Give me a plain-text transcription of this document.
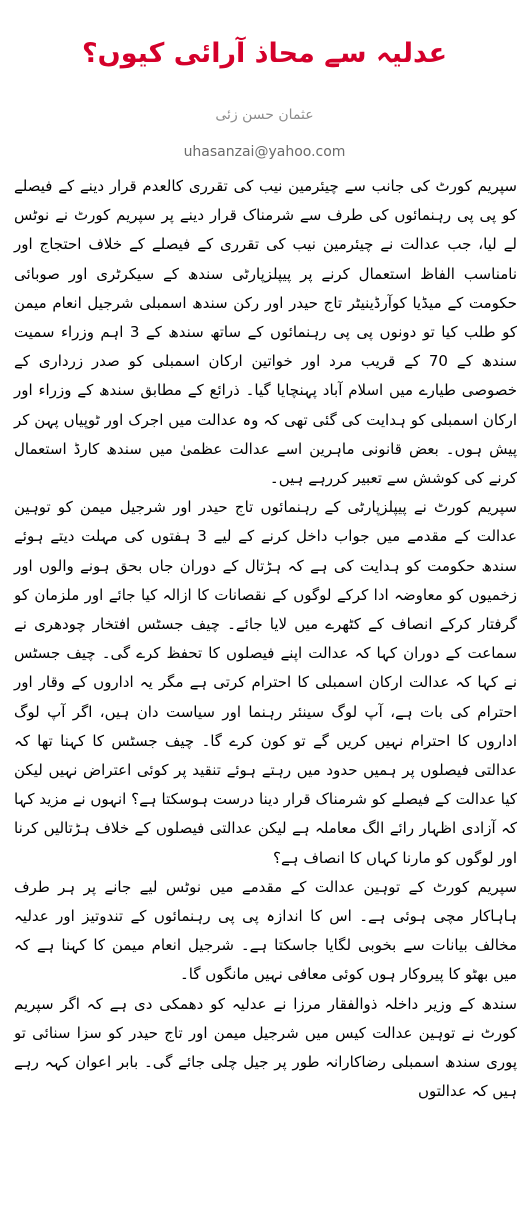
عدلیہ سے محاذ آرائی کیوں؟
عثمان حسن زئی
uhasanzai@yahoo.com

سپریم کورٹ کی جانب سے چیئرمین نیب کی تقرری کالعدم قرار دینے کے فیصلے کو پی پی رہنمائوں کی طرف سے شرمناک قرار دینے پر سپریم کورٹ نے نوٹس لے لیا، جب عدالت نے چیئرمین نیب کی تقرری کے فیصلے کے خلاف احتجاج اور نامناسب الفاظ استعمال کرنے پر پیپلزپارٹی سندھ کے سیکرٹری اور صوبائی حکومت کے میڈیا کوآرڈینیٹر تاج حیدر اور رکن سندھ اسمبلی شرجیل انعام میمن کو طلب کیا تو دونوں پی پی رہنمائوں کے ساتھ سندھ کے 3 اہم وزراء سمیت سندھ کے 70 کے قریب مرد اور خواتین ارکان اسمبلی کو صدر زرداری کے خصوصی طیارے میں اسلام آباد پہنچایا گیا۔ ذرائع کے مطابق سندھ کے وزراء اور ارکان اسمبلی کو ہدایت کی گئی تھی کہ وہ عدالت میں اجرک اور ٹوپیاں پہن کر پیش ہوں۔ بعض قانونی ماہرین اسے عدالت عظمیٰ میں سندھ کارڈ استعمال کرنے کی کوشش سے تعبیر کررہے ہیں۔

سپریم کورٹ نے پیپلزپارٹی کے رہنمائوں تاج حیدر اور شرجیل میمن کو توہین عدالت کے مقدمے میں جواب داخل کرنے کے لیے 3 ہفتوں کی مہلت دیتے ہوئے سندھ حکومت کو ہدایت کی ہے کہ ہڑتال کے دوران جاں بحق ہونے والوں اور زخمیوں کو معاوضہ ادا کرکے لوگوں کے نقصانات کا ازالہ کیا جائے اور ملزمان کو گرفتار کرکے انصاف کے کٹھرے میں لایا جائے۔ چیف جسٹس افتخار چودھری نے سماعت کے دوران کہا کہ عدالت اپنے فیصلوں کا تحفظ کرے گی۔ چیف جسٹس نے کہا کہ عدالت ارکان اسمبلی کا احترام کرتی ہے مگر یہ اداروں کے وقار اور احترام کی بات ہے، آپ لوگ سینئر رہنما اور سیاست دان ہیں، اگر آپ لوگ اداروں کا احترام نہیں کریں گے تو کون کرے گا۔ چیف جسٹس کا کہنا تھا کہ عدالتی فیصلوں پر ہمیں حدود میں رہتے ہوئے تنقید پر کوئی اعتراض نہیں لیکن کیا عدالت کے فیصلے کو شرمناک قرار دینا درست ہوسکتا ہے؟ انہوں نے مزید کہا کہ آزادی اظہار رائے الگ معاملہ ہے لیکن عدالتی فیصلوں کے خلاف ہڑتالیں کرنا اور لوگوں کو مارنا کہاں کا انصاف ہے؟

سپریم کورٹ کے توہین عدالت کے مقدمے میں نوٹس لیے جانے پر ہر طرف ہاہاکار مچی ہوئی ہے۔ اس کا اندازہ پی پی رہنمائوں کے تندوتیز اور عدلیہ مخالف بیانات سے بخوبی لگایا جاسکتا ہے۔ شرجیل انعام میمن کا کہنا ہے کہ میں بھٹو کا پیروکار ہوں کوئی معافی نہیں مانگوں گا۔

سندھ کے وزیر داخلہ ذوالفقار مرزا نے عدلیہ کو دھمکی دی ہے کہ اگر سپریم کورٹ نے توہین عدالت کیس میں شرجیل میمن اور تاج حیدر کو سزا سنائی تو پوری سندھ اسمبلی رضاکارانہ طور پر جیل چلی جائے گی۔ بابر اعوان کہہ رہے ہیں کہ عدالتوں
